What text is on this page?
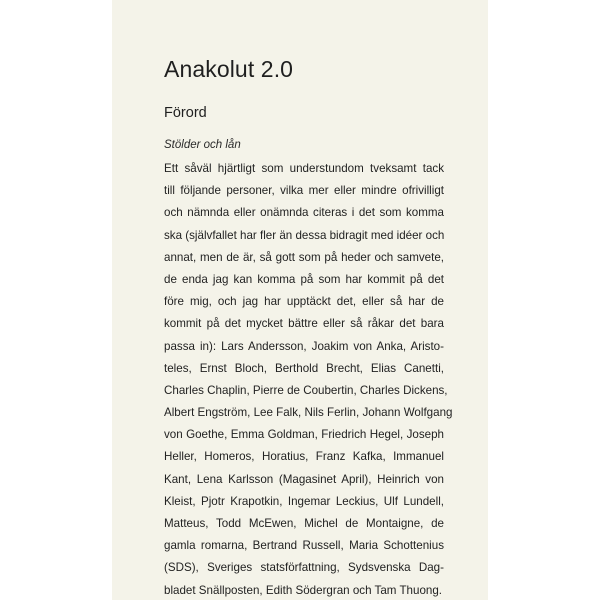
Anakolut 2.0
Förord
Stölder och lån
Ett såväl hjärtligt som understundom tveksamt tack
till följande personer, vilka mer eller mindre ofrivilligt
och nämnda eller onämnda citeras i det som komma
ska (självfallet har fler än dessa bidragit med idéer och
annat, men de är, så gott som på heder och samvete,
de enda jag kan komma på som har kommit på det
före mig, och jag har upptäckt det, eller så har de
kommit på det mycket bättre eller så råkar det bara
passa in): Lars Andersson, Joakim von Anka, Aristo-
teles, Ernst Bloch, Berthold Brecht, Elias Canetti,
Charles Chaplin, Pierre de Coubertin, Charles Dickens,
Albert Engström, Lee Falk, Nils Ferlin, Johann Wolfgang
von Goethe, Emma Goldman, Friedrich Hegel, Joseph
Heller, Homeros, Horatius, Franz Kafka, Immanuel
Kant, Lena Karlsson (Magasinet April), Heinrich von
Kleist, Pjotr Krapotkin, Ingemar Leckius, Ulf Lundell,
Matteus, Todd McEwen, Michel de Montaigne, de
gamla romarna, Bertrand Russell, Maria Schottenius
(SDS), Sveriges statsförfattning, Sydsvenska Dag-
bladet Snällposten, Edith Södergran och Tam Thuong.
